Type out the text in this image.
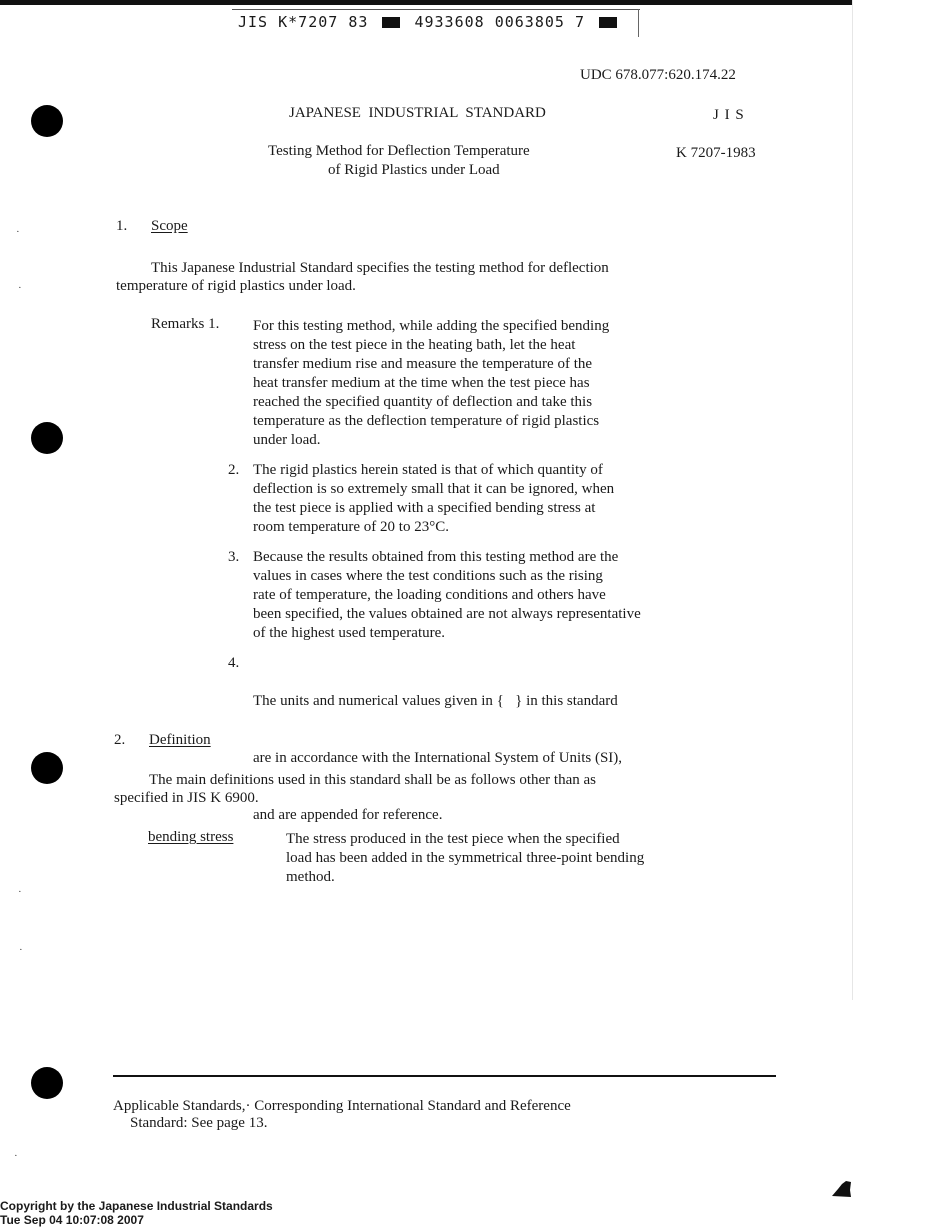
JIS K*7207 83	4933608 0063805 7
UDC 678.077:620.174.22
JAPANESE  INDUSTRIAL  STANDARD	J I S
Testing Method for Deflection Temperature
of Rigid Plastics under Load
K 7207-1983
1. Scope
This Japanese Industrial Standard specifies the testing method for deflection
temperature of rigid plastics under load.
Remarks 1. For this testing method, while adding the specified bending
stress on the test piece in the heating bath, let the heat
transfer medium rise and measure the temperature of the
heat transfer medium at the time when the test piece has
reached the specified quantity of deflection and take this
temperature as the deflection temperature of rigid plastics
under load.
2. The rigid plastics herein stated is that of which quantity of
deflection is so extremely small that it can be ignored, when
the test piece is applied with a specified bending stress at
room temperature of 20 to 23°C.
3. Because the results obtained from this testing method are the
values in cases where the test conditions such as the rising
rate of temperature, the loading conditions and others have
been specified, the values obtained are not always representative
of the highest used temperature.
4.

The units and numerical values given in {   } in this standard

are in accordance with the International System of Units (SI),

and are appended for reference.

2. Definition
The main definitions used in this standard shall be as follows other than as
specified in JIS K 6900.
bending stress	The stress produced in the test piece when the specified
load has been added in the symmetrical three-point bending
method.
Applicable Standards,· Corresponding International Standard and Reference
Standard: See page 13.
·
·
·
·
·
Copyright by the Japanese Industrial Standards
Tue Sep 04 10:07:08 2007
